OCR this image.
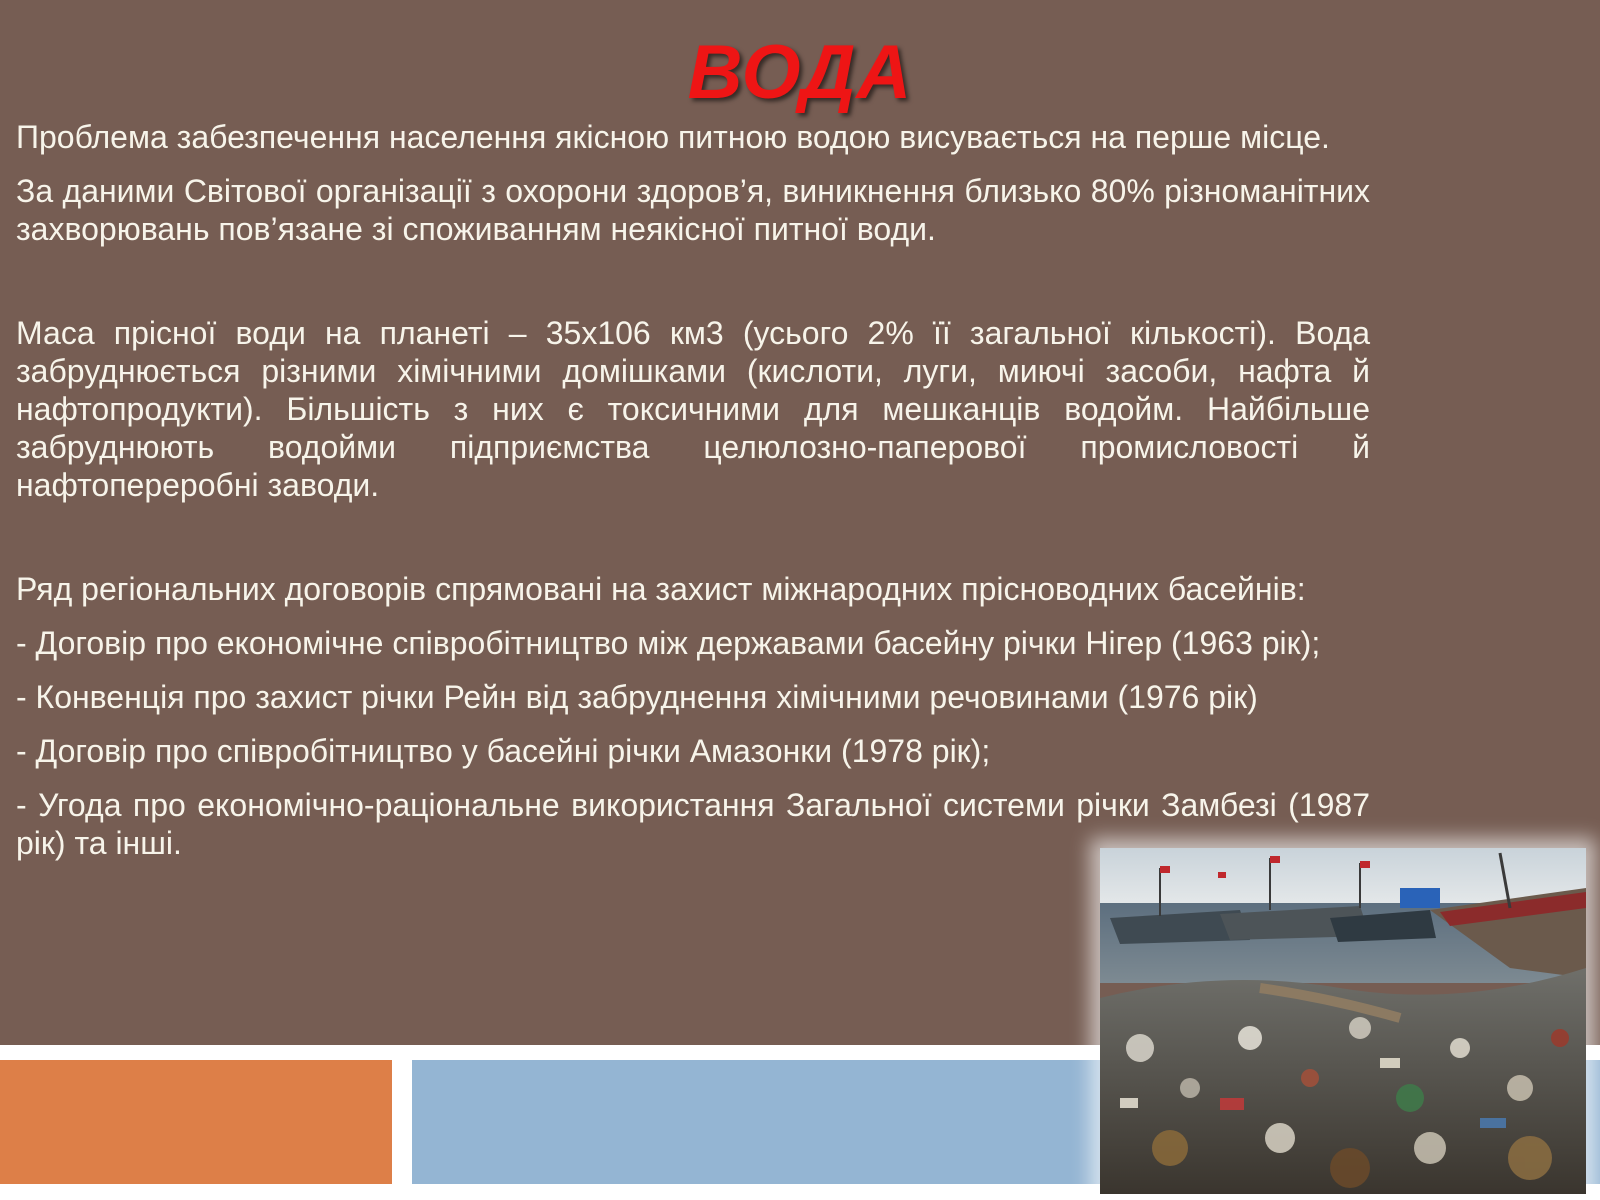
ВОДА

Проблема забезпечення населення якісною питною водою висувається на перше місце.

За даними Світової організації з охорони здоров’я, виникнення близько 80% різноманітних захворювань пов’язане зі споживанням неякісної питної води.

Маса прісної води на планеті – 35х106 км3 (усього 2% її загальної кількості). Вода забруднюється різними хімічними домішками (кислоти, луги, миючі засоби, нафта й нафтопродукти). Більшість з них є токсичними для мешканців водойм. Найбільше забруднюють водойми підприємства целюлозно-паперової промисловості й нафтопереробні заводи.

Ряд регіональних договорів спрямовані на захист міжнародних прісноводних басейнів:

- Договір про економічне співробітництво між державами басейну річки Нігер (1963 рік);

- Конвенція про захист річки Рейн від забруднення хімічними речовинами (1976 рік)

- Договір про співробітництво у басейні річки Амазонки (1978 рік);

- Угода про економічно-раціональне використання Загальної системи річки Замбезі (1987 рік) та інші.
